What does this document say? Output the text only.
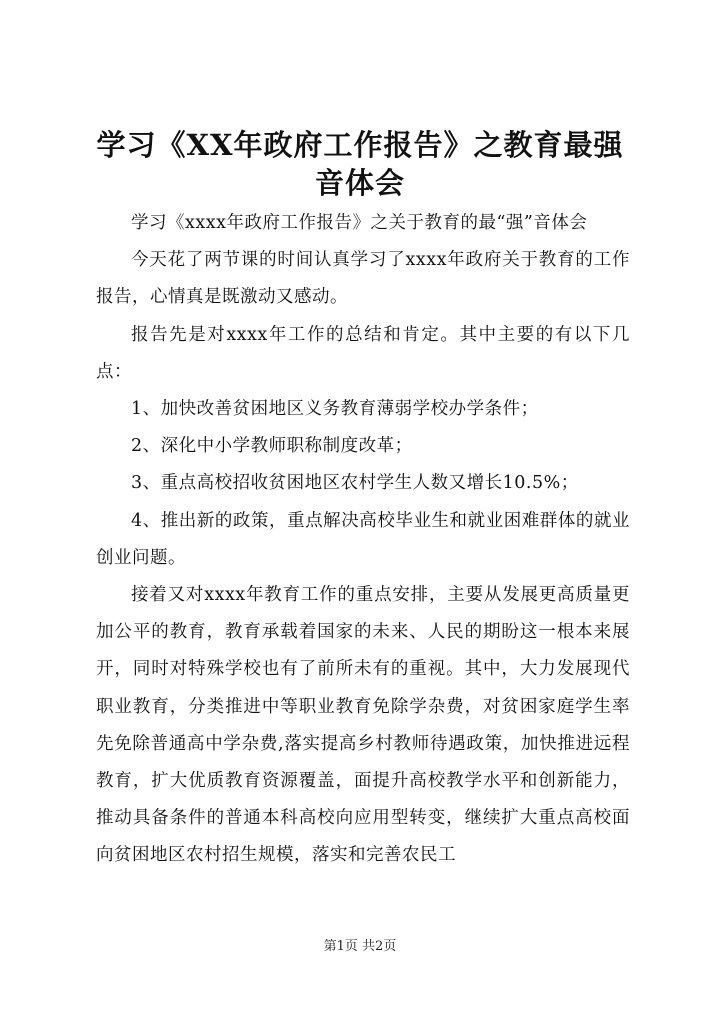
学习《XX年政府工作报告》之教育最强音体会

学习《xxxx年政府工作报告》之关于教育的最“强”音体会

今天花了两节课的时间认真学习了xxxx年政府关于教育的工作报告，心情真是既激动又感动。

报告先是对xxxx年工作的总结和肯定。其中主要的有以下几点：

1、加快改善贫困地区义务教育薄弱学校办学条件；

2、深化中小学教师职称制度改革；

3、重点高校招收贫困地区农村学生人数又增长10.5%；

4、推出新的政策，重点解决高校毕业生和就业困难群体的就业创业问题。

接着又对xxxx年教育工作的重点安排，主要从发展更高质量更加公平的教育，教育承载着国家的未来、人民的期盼这一根本来展开，同时对特殊学校也有了前所未有的重视。其中，大力发展现代职业教育，分类推进中等职业教育免除学杂费，对贫困家庭学生率先免除普通高中学杂费,落实提高乡村教师待遇政策，加快推进远程教育，扩大优质教育资源覆盖，面提升高校教学水平和创新能力，推动具备条件的普通本科高校向应用型转变，继续扩大重点高校面向贫困地区农村招生规模，落实和完善农民工

第1页 共2页
